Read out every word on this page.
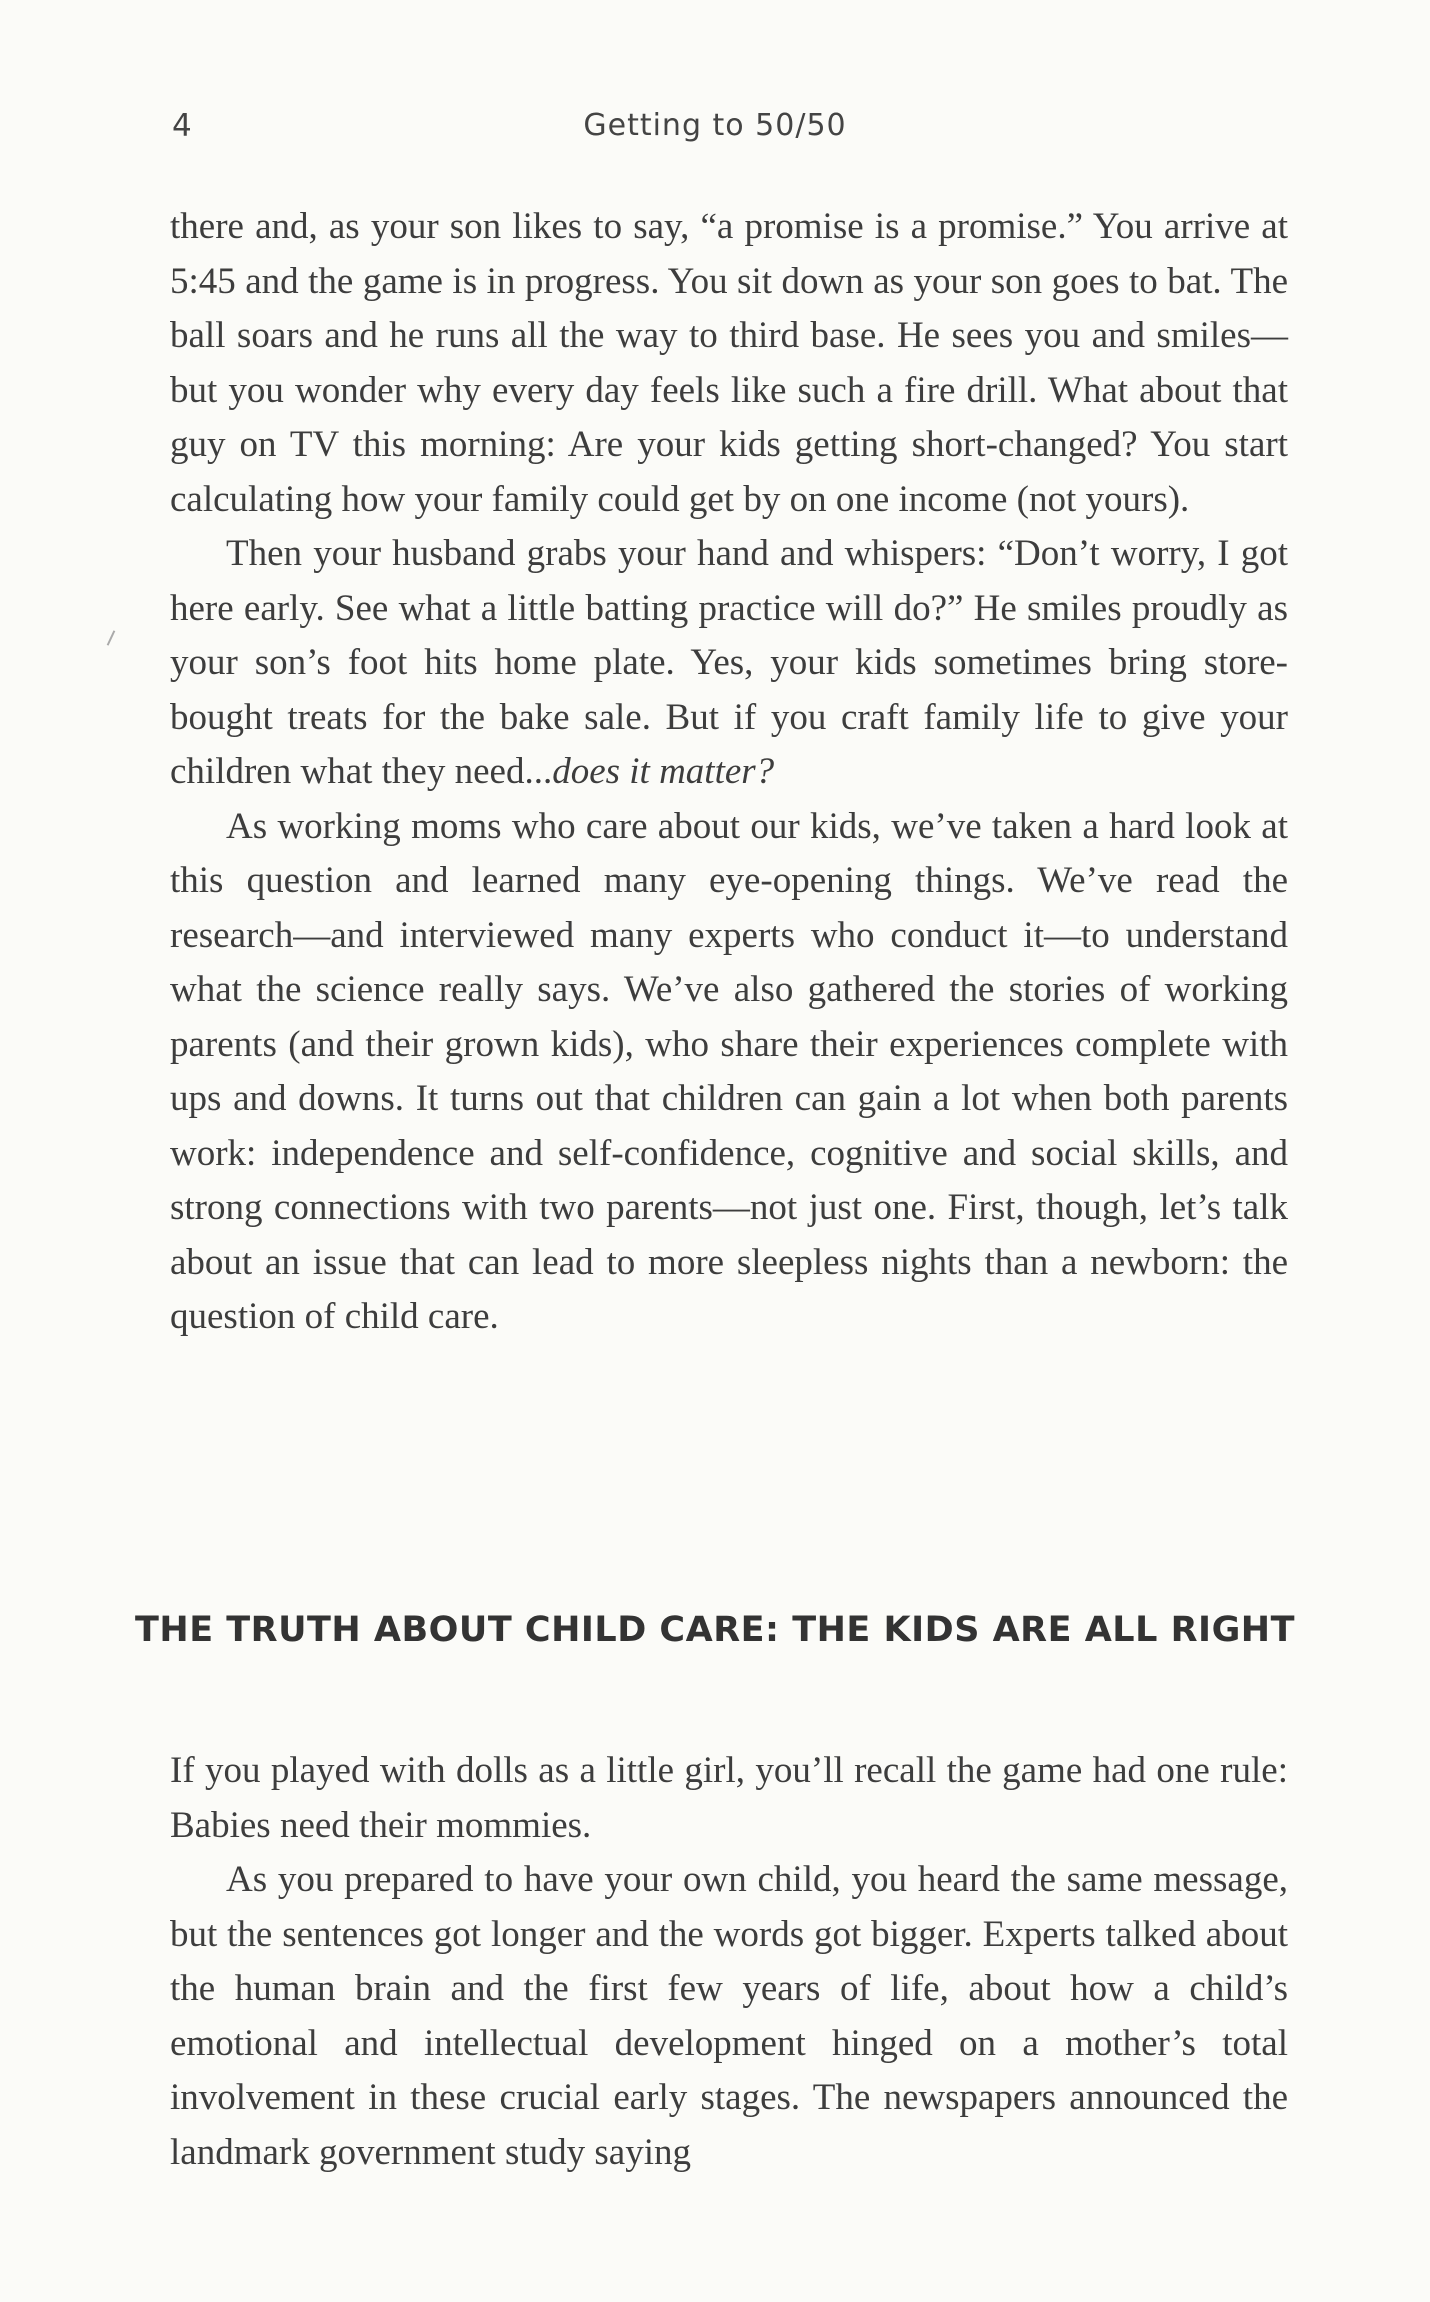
4	Getting to 50/50

there and, as your son likes to say, “a promise is a promise.” You arrive at 5:45 and the game is in progress. You sit down as your son goes to bat. The ball soars and he runs all the way to third base. He sees you and smiles—but you wonder why every day feels like such a fire drill. What about that guy on TV this morning: Are your kids getting short-changed? You start calculating how your family could get by on one income (not yours).

Then your husband grabs your hand and whispers: “Don’t worry, I got here early. See what a little batting practice will do?” He smiles proudly as your son’s foot hits home plate. Yes, your kids sometimes bring store-bought treats for the bake sale. But if you craft family life to give your children what they need...does it matter?

As working moms who care about our kids, we’ve taken a hard look at this question and learned many eye-opening things. We’ve read the research—and interviewed many experts who conduct it—to understand what the science really says. We’ve also gathered the stories of working parents (and their grown kids), who share their experiences complete with ups and downs. It turns out that children can gain a lot when both parents work: independence and self-confidence, cognitive and social skills, and strong connections with two parents—not just one. First, though, let’s talk about an issue that can lead to more sleepless nights than a newborn: the question of child care.

THE TRUTH ABOUT CHILD CARE: THE KIDS ARE ALL RIGHT

If you played with dolls as a little girl, you’ll recall the game had one rule: Babies need their mommies.

As you prepared to have your own child, you heard the same message, but the sentences got longer and the words got bigger. Experts talked about the human brain and the first few years of life, about how a child’s emotional and intellectual development hinged on a mother’s total involvement in these crucial early stages. The newspapers announced the landmark government study saying
